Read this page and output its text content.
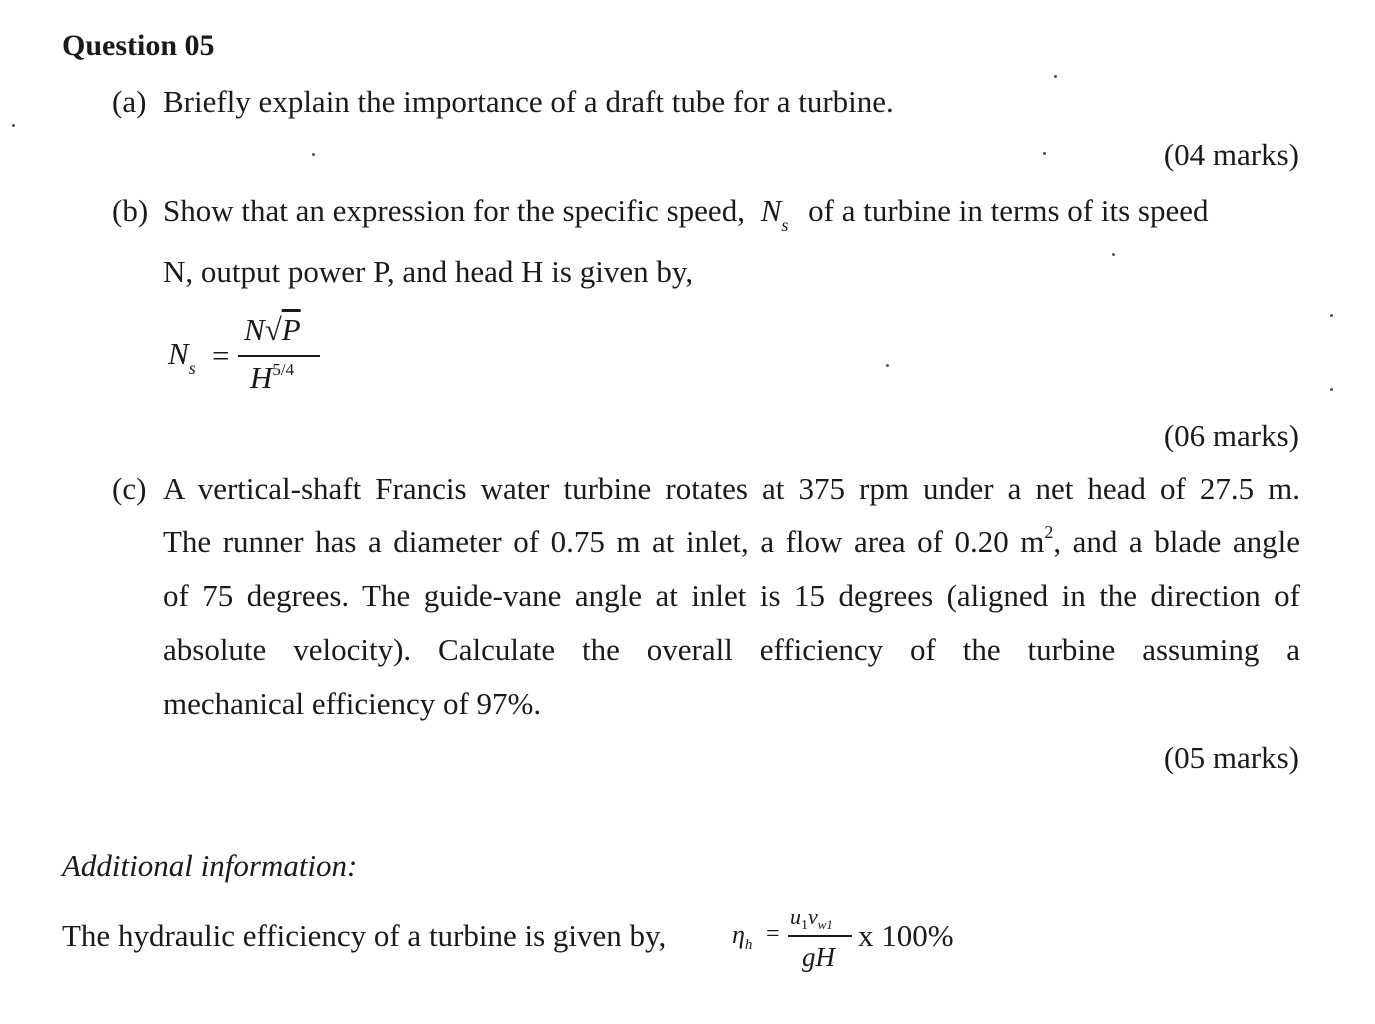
Question 05
(a) Briefly explain the importance of a draft tube for a turbine.
(04 marks)
(b) Show that an expression for the specific speed, $N_s$ of a turbine in terms of its speed
N, output power P, and head H is given by,
$N_s$ =
N√P
$H^{5/4}$
(06 marks)
(c) A vertical-shaft Francis water turbine rotates at 375 rpm under a net head of 27.5 m.
The runner has a diameter of 0.75 m at inlet, a flow area of 0.20 $m^2$, and a blade angle
of 75 degrees. The guide-vane angle at inlet is 15 degrees (aligned in the direction of
absolute velocity). Calculate the overall efficiency of the turbine assuming a
mechanical efficiency of 97%.
(05 marks)
Additional information:
The hydraulic efficiency of a turbine is given by,	$\eta_h$ =
$u_1v_{w1}$
gH
x 100%
